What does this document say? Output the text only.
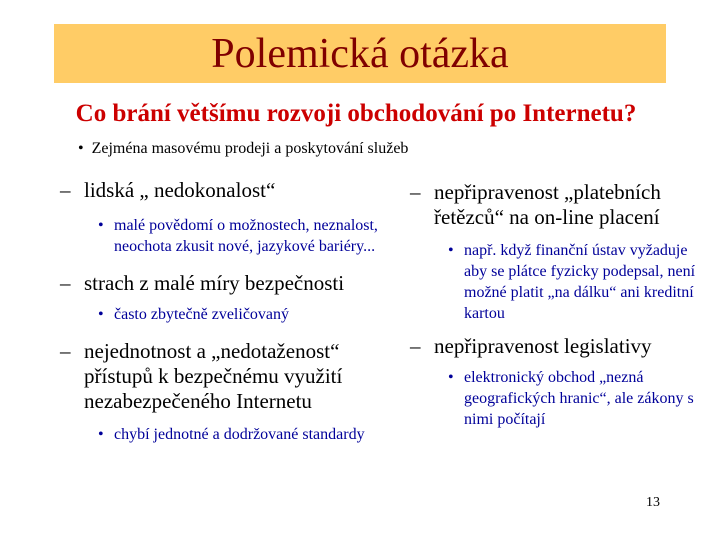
Polemická otázka
Co brání většímu rozvoji obchodování po Internetu?
• Zejména masovému prodeji a poskytování služeb
– lidská „ nedokonalost“
• malé povědomí o možnostech, neznalost, neochota zkusit nové, jazykové bariéry...
– strach z malé míry bezpečnosti
• často zbytečně zveličovaný
– nejednotnost a „nedotaženost“ přístupů k bezpečnému využití nezabezpečeného Internetu
• chybí jednotné a dodržované standardy
– nepřipravenost „platebních řetězců“ na on-line placení
• např. když finanční ústav vyžaduje aby se plátce fyzicky podepsal, není možné platit „na dálku“ ani kreditní kartou
– nepřipravenost legislativy
• elektronický obchod „nezná geografických hranic“, ale zákony s nimi počítají
13
